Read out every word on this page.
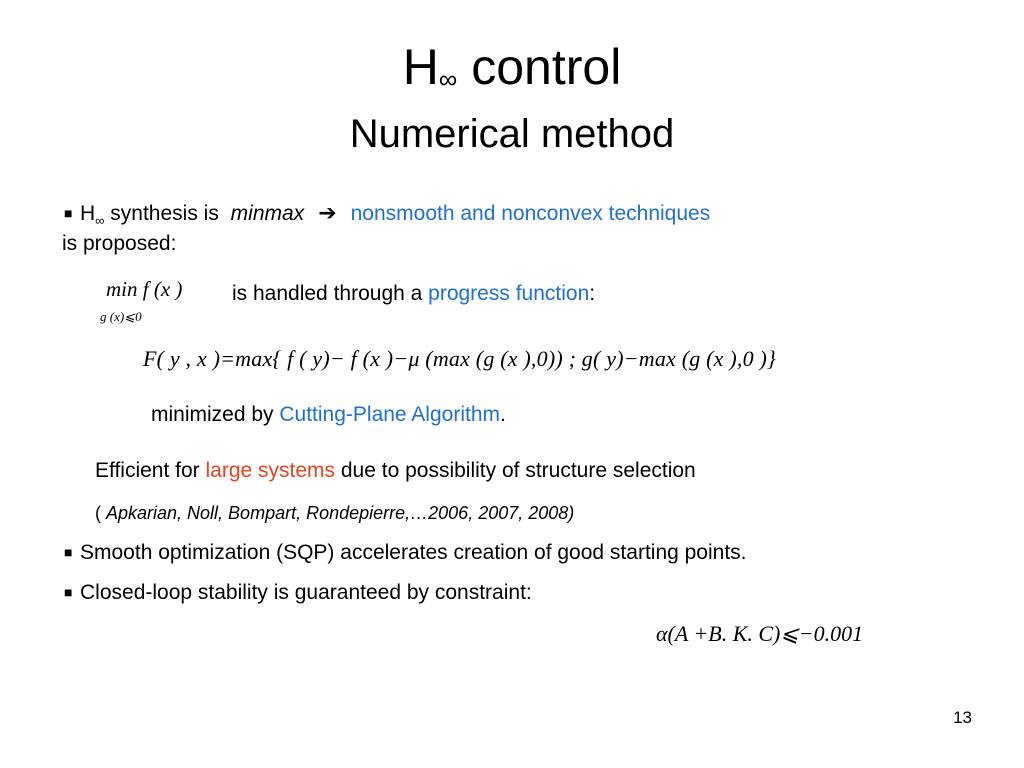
$H_\infty$ control
Numerical method
■ $H_\infty$ synthesis is minmax ➔ nonsmooth and nonconvex techniques
is proposed:
min f (x )
g (x)⩽0
is handled through a progress function:
F( y , x )=max{ f ( y)− f (x )−μ (max (g (x ),0)) ; g( y)−max (g (x ),0 )}
minimized by Cutting-Plane Algorithm.
Efficient for large systems due to possibility of structure selection
( Apkarian, Noll, Bompart, Rondepierre,…2006, 2007, 2008)
■ Smooth optimization (SQP) accelerates creation of good starting points.
■ Closed-loop stability is guaranteed by constraint:
α(A +B. K. C)⩽−0.001
13
